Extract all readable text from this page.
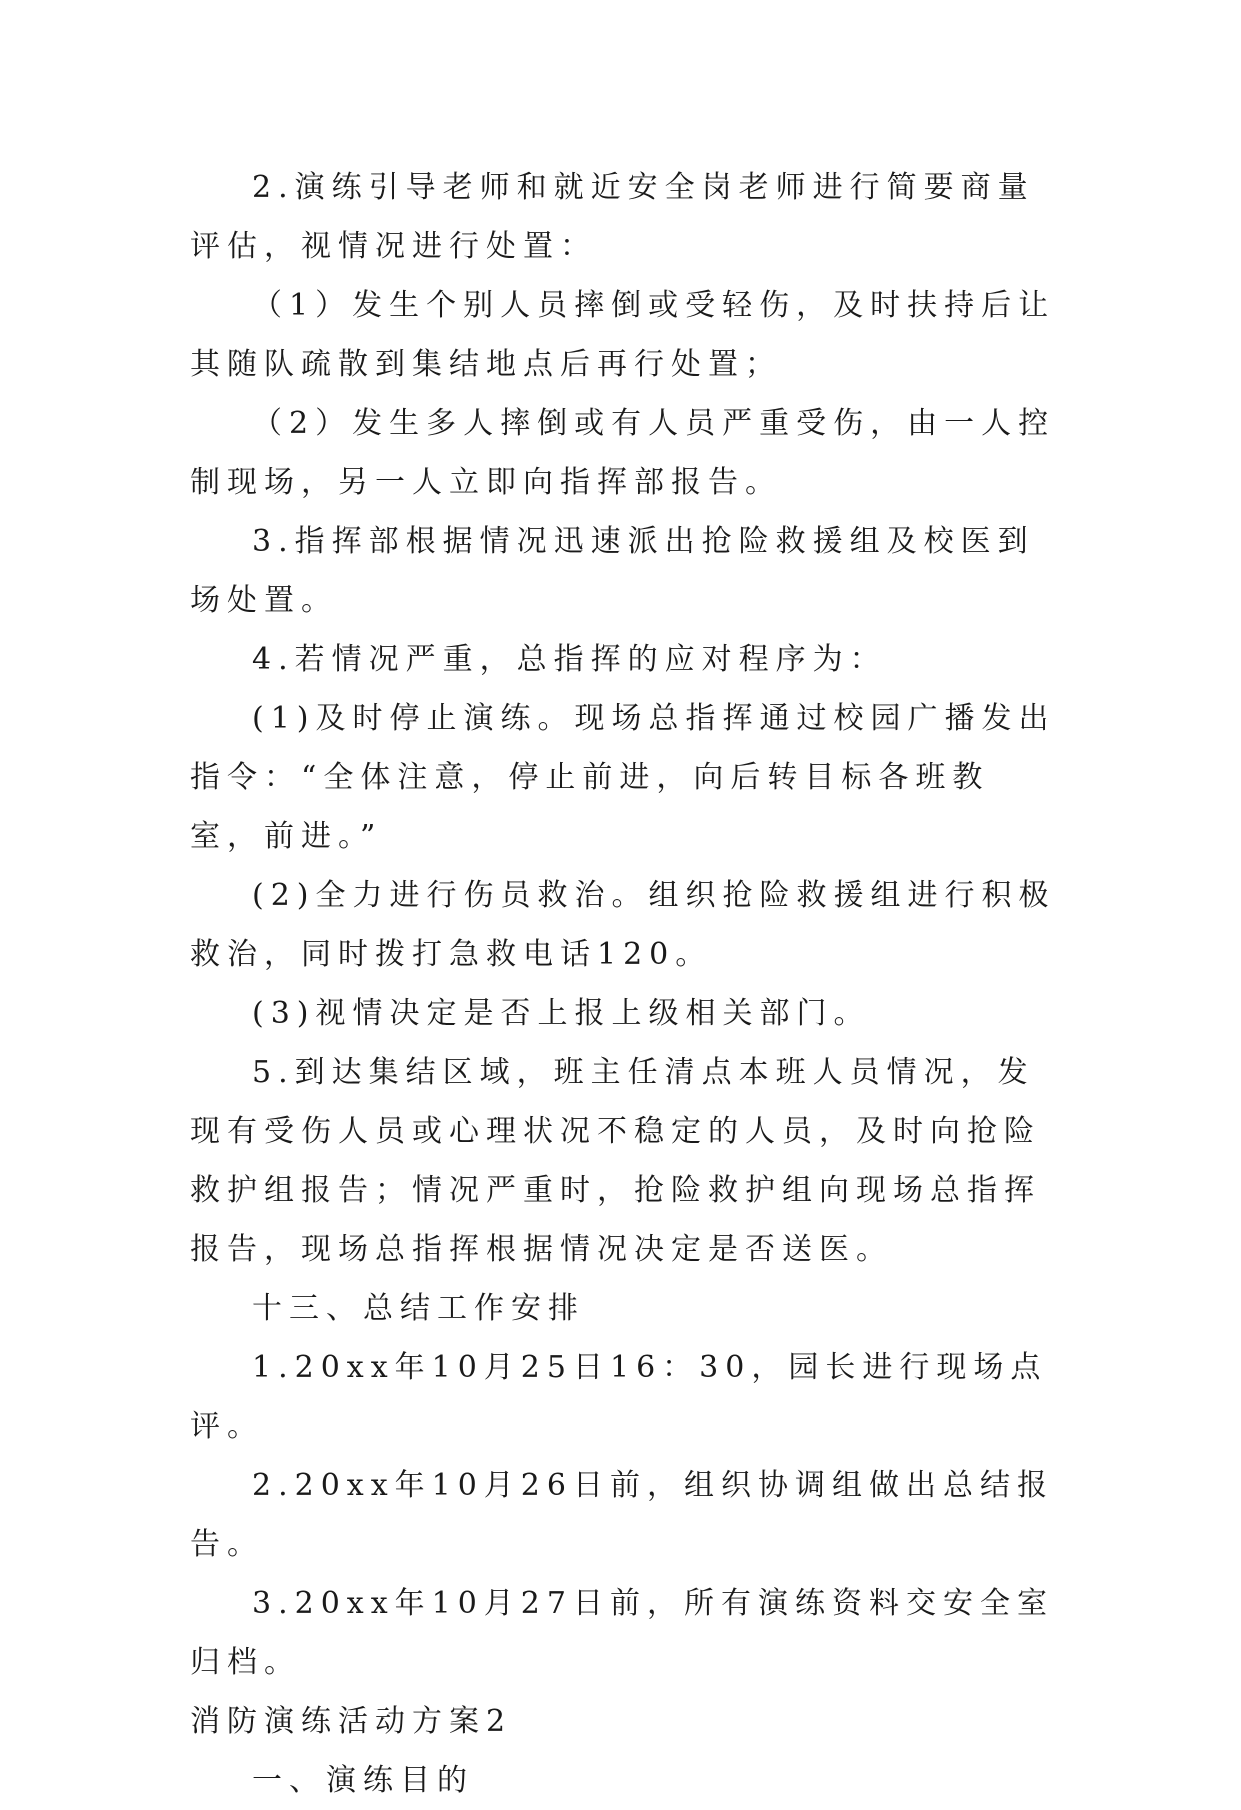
2.演练引导老师和就近安全岗老师进行简要商量评估，视情况进行处置：

（1）发生个别人员摔倒或受轻伤，及时扶持后让其随队疏散到集结地点后再行处置；

（2）发生多人摔倒或有人员严重受伤，由一人控制现场，另一人立即向指挥部报告。

3.指挥部根据情况迅速派出抢险救援组及校医到场处置。

4.若情况严重，总指挥的应对程序为：

(1)及时停止演练。现场总指挥通过校园广播发出指令：“全体注意，停止前进，向后转目标各班教室，前进。”

(2)全力进行伤员救治。组织抢险救援组进行积极救治，同时拨打急救电话120。

(3)视情决定是否上报上级相关部门。

5.到达集结区域，班主任清点本班人员情况，发现有受伤人员或心理状况不稳定的人员，及时向抢险救护组报告；情况严重时，抢险救护组向现场总指挥报告，现场总指挥根据情况决定是否送医。

十三、总结工作安排

1.20xx年10月25日16：30，园长进行现场点评。

2.20xx年10月26日前，组织协调组做出总结报告。

3.20xx年10月27日前，所有演练资料交安全室归档。

消防演练活动方案2

一、演练目的
